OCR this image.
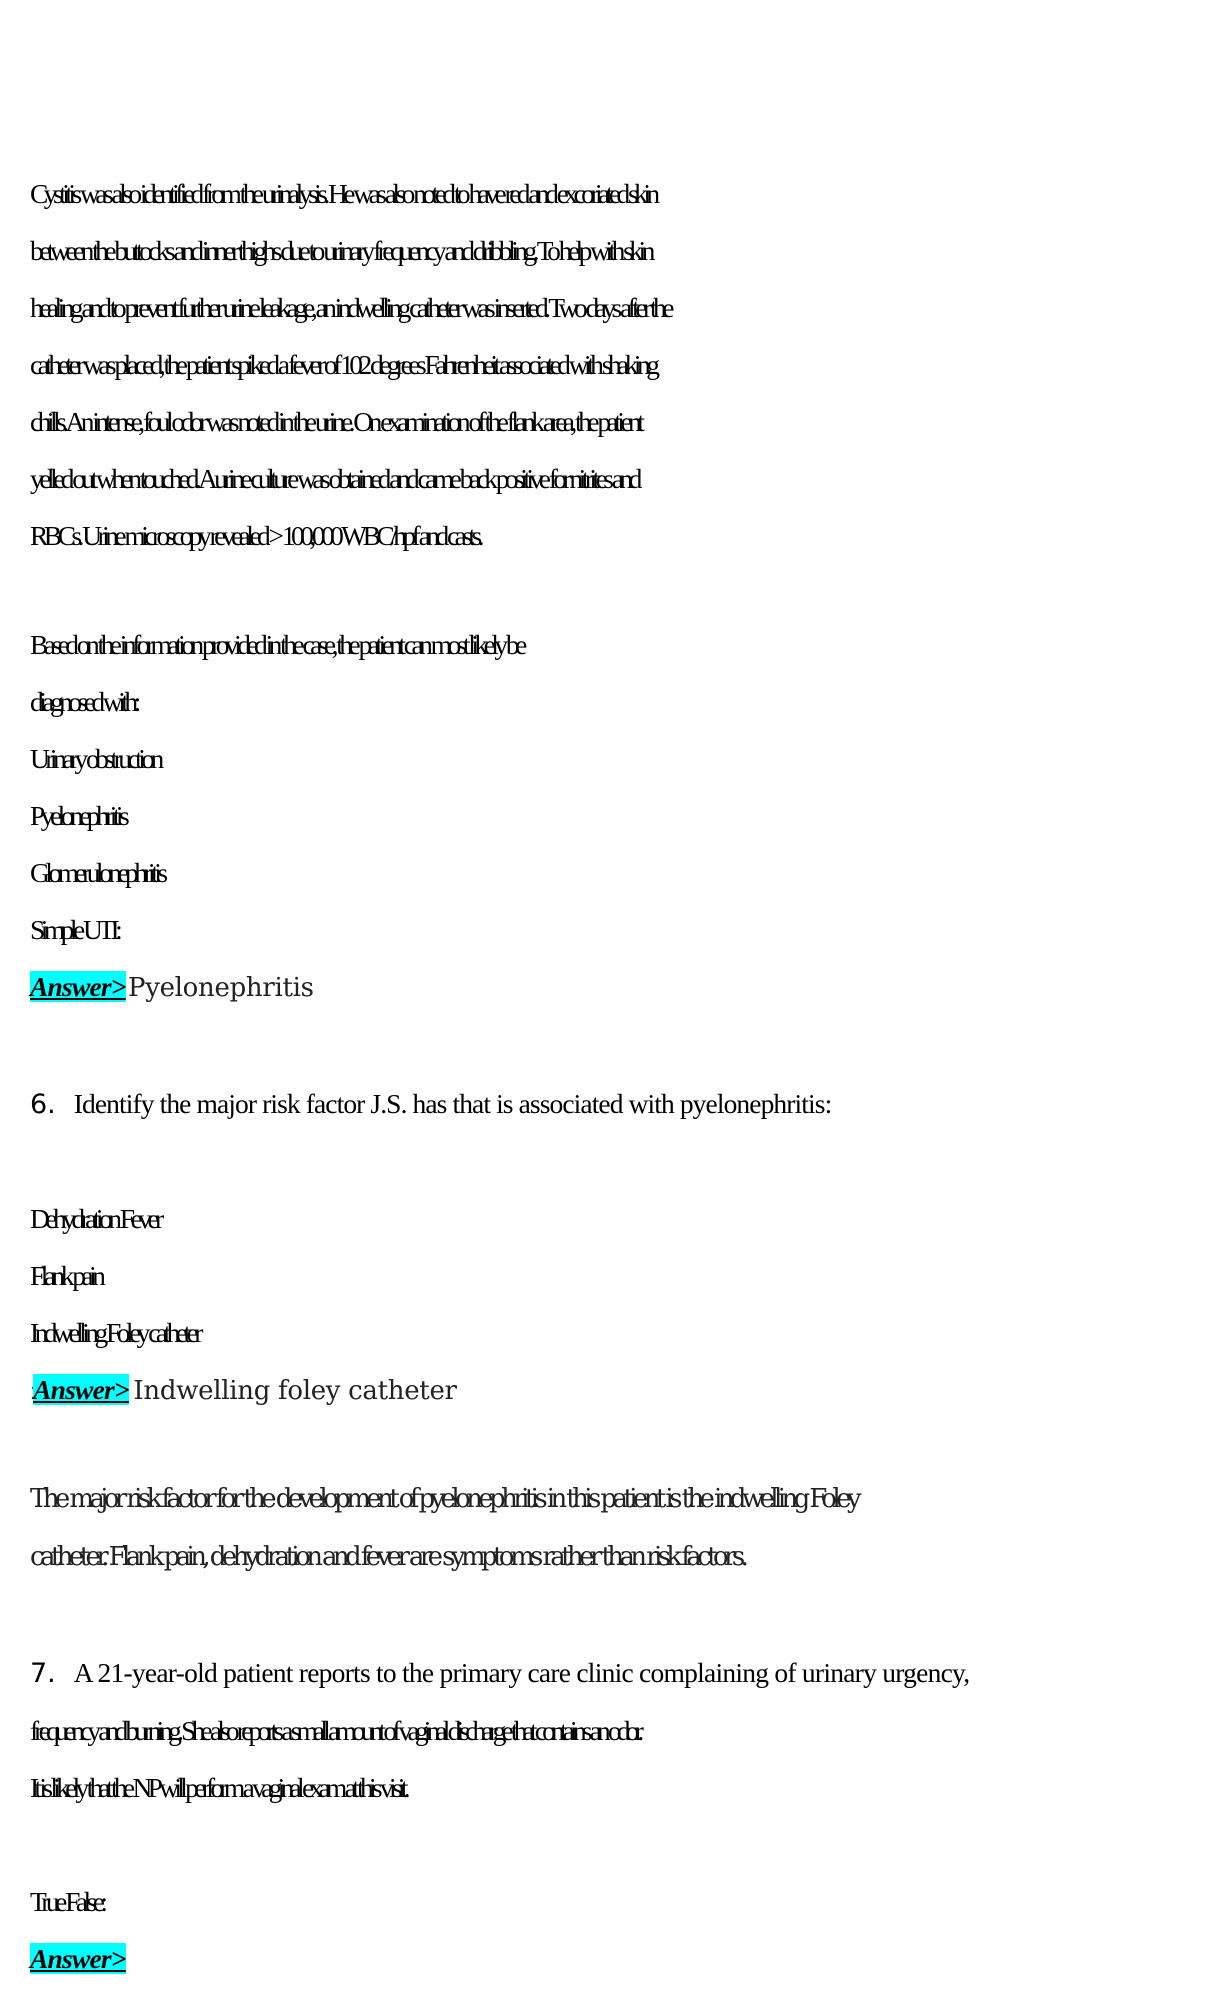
Cystitis was also identified from the urinalysis. He was also noted to have red and excoriated skin
between the buttocks and inner thighs due to urinary frequency and dribbling. To help with skin
healing and to prevent further urine leakage, an indwelling catheter was inserted. Two days after the
catheter was placed, the patient spiked a fever of 102 degrees Fahrenheit associated with shaking
chills. An intense, foul odor was noted in the urine. On examination of the flank area, the patient
yelled out when touched. A urine culture was obtained and came back positive for nitrites and
RBCs. Urine microscopy revealed > 100,000 WBC/hpf and casts.
Based on the information provided in the case, the patient can most likely be
diagnosed with:
Urinary obstruction
Pyelonephritis
Glomerulonephritis
Simple UTI:
Answer> Pyelonephritis
6. Identify the major risk factor J.S. has that is associated with pyelonephritis:

Dehydration Fever
Flank pain
Indwelling Foley catheter
:Answer> Indwelling foley catheter
The major risk factor for the development of pyelonephritis in this patient is the indwelling Foley
catheter. Flank pain, dehydration and fever are symptoms rather than risk factors.
7. A 21-year-old patient reports to the primary care clinic complaining of urinary urgency,
frequency and burning. She also reports a small amount of vaginal discharge that contains an odor.
It is likely that the NP will perform a vaginal exam at this visit.

True False:
Answer>
